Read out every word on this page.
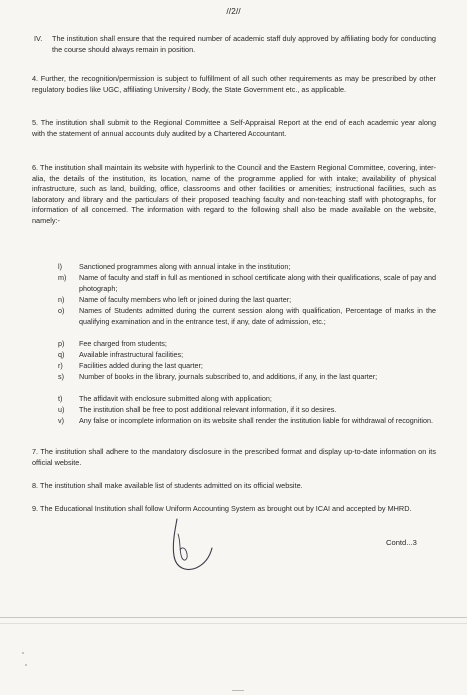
//2//
IV. The institution shall ensure that the required number of academic staff duly approved by affiliating body for conducting the course should always remain in position.

4. Further, the recognition/permission is subject to fulfillment of all such other requirements as may be prescribed by other regulatory bodies like UGC, affiliating University / Body, the State Government etc., as applicable.

5. The institution shall submit to the Regional Committee a Self-Appraisal Report at the end of each academic year along with the statement of annual accounts duly audited by a Chartered Accountant.

6. The institution shall maintain its website with hyperlink to the Council and the Eastern Regional Committee, covering, inter-alia, the details of the institution, its location, name of the programme applied for with intake; availability of physical infrastructure, such as land, building, office, classrooms and other facilities or amenities; instructional facilities, such as laboratory and library and the particulars of their proposed teaching faculty and non-teaching staff with photographs, for information of all concerned. The information with regard to the following shall also be made available on the website, namely:-

l) Sanctioned programmes along with annual intake in the institution;
m) Name of faculty and staff in full as mentioned in school certificate along with their qualifications, scale of pay and photograph;
n) Name of faculty members who left or joined during the last quarter;
o) Names of Students admitted during the current session along with qualification, Percentage of marks in the qualifying examination and in the entrance test, if any, date of admission, etc.;
p) Fee charged from students;
q) Available infrastructural facilities;
r) Facilities added during the last quarter;
s) Number of books in the library, journals subscribed to, and additions, if any, in the last quarter;
t) The affidavit with enclosure submitted along with application;
u) The institution shall be free to post additional relevant information, if it so desires.
v) Any false or incomplete information on its website shall render the institution liable for withdrawal of recognition.

7. The institution shall adhere to the mandatory disclosure in the prescribed format and display up-to-date information on its official website.

8. The institution shall make available list of students admitted on its official website.

9. The Educational Institution shall follow Uniform Accounting System as brought out by ICAI and accepted by MHRD.

Contd...3
